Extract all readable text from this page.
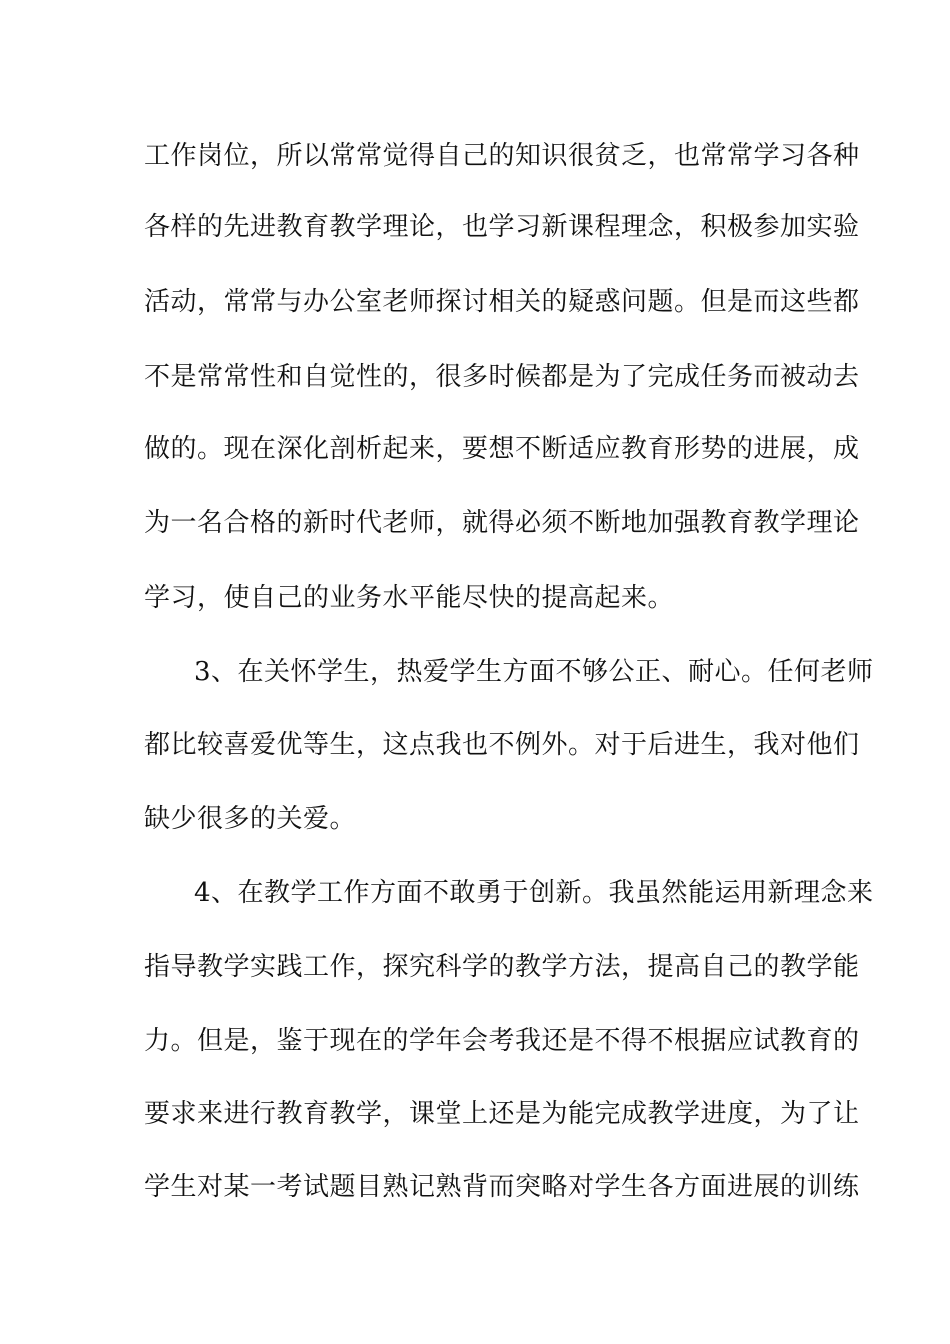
工作岗位，所以常常觉得自己的知识很贫乏，也常常学习各种
各样的先进教育教学理论，也学习新课程理念，积极参加实验
活动，常常与办公室老师探讨相关的疑惑问题。但是而这些都
不是常常性和自觉性的，很多时候都是为了完成任务而被动去
做的。现在深化剖析起来，要想不断适应教育形势的进展，成
为一名合格的新时代老师，就得必须不断地加强教育教学理论
学习，使自己的业务水平能尽快的提高起来。
3、在关怀学生，热爱学生方面不够公正、耐心。任何老师
都比较喜爱优等生，这点我也不例外。对于后进生，我对他们
缺少很多的关爱。
4、在教学工作方面不敢勇于创新。我虽然能运用新理念来
指导教学实践工作，探究科学的教学方法，提高自己的教学能
力。但是，鉴于现在的学年会考我还是不得不根据应试教育的
要求来进行教育教学，课堂上还是为能完成教学进度，为了让
学生对某一考试题目熟记熟背而突略对学生各方面进展的训练
